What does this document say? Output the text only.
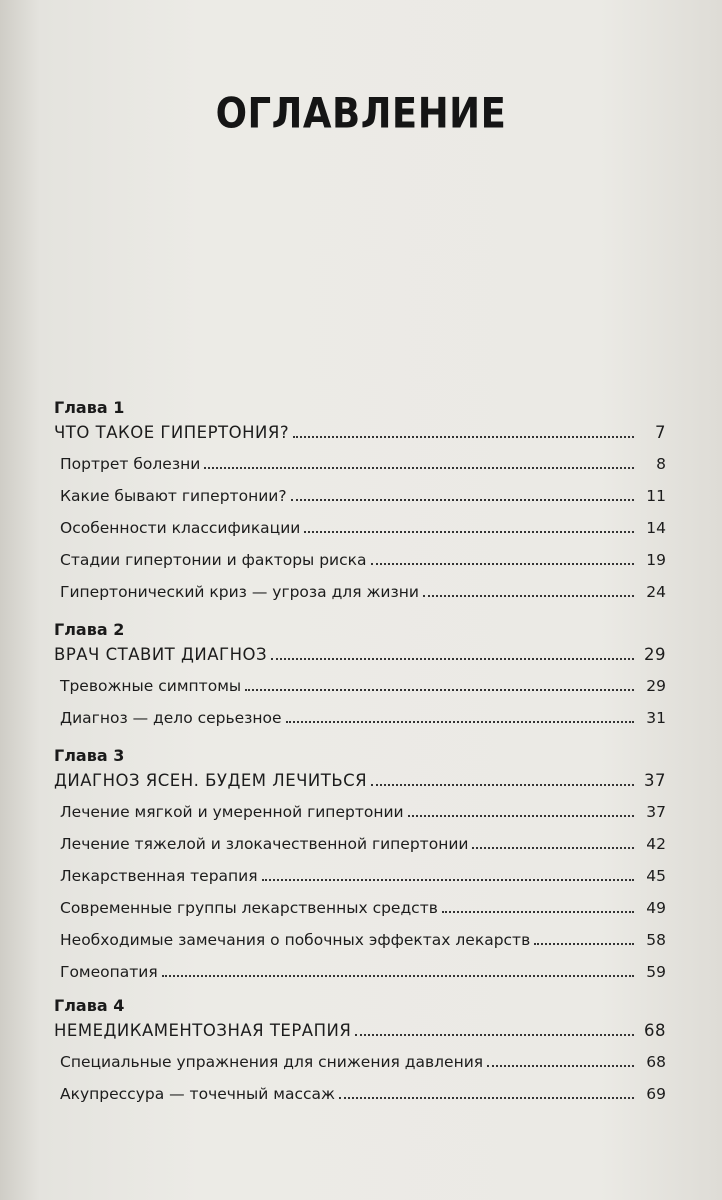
ОГЛАВЛЕНИЕ
Глава 1
ЧТО ТАКОЕ ГИПЕРТОНИЯ?	7
Портрет болезни	8
Какие бывают гипертонии?	11
Особенности классификации	14
Стадии гипертонии и факторы риска	19
Гипертонический криз — угроза для жизни	24
Глава 2
ВРАЧ СТАВИТ ДИАГНОЗ	29
Тревожные симптомы	29
Диагноз — дело серьезное	31
Глава 3
ДИАГНОЗ ЯСЕН. БУДЕМ ЛЕЧИТЬСЯ	37
Лечение мягкой и умеренной гипертонии	37
Лечение тяжелой и злокачественной гипертонии	42
Лекарственная терапия	45
Современные группы лекарственных средств	49
Необходимые замечания о побочных эффектах лекарств	58
Гомеопатия	59
Глава 4
НЕМЕДИКАМЕНТОЗНАЯ ТЕРАПИЯ	68
Специальные упражнения для снижения давления	68
Акупрессура — точечный массаж	69
